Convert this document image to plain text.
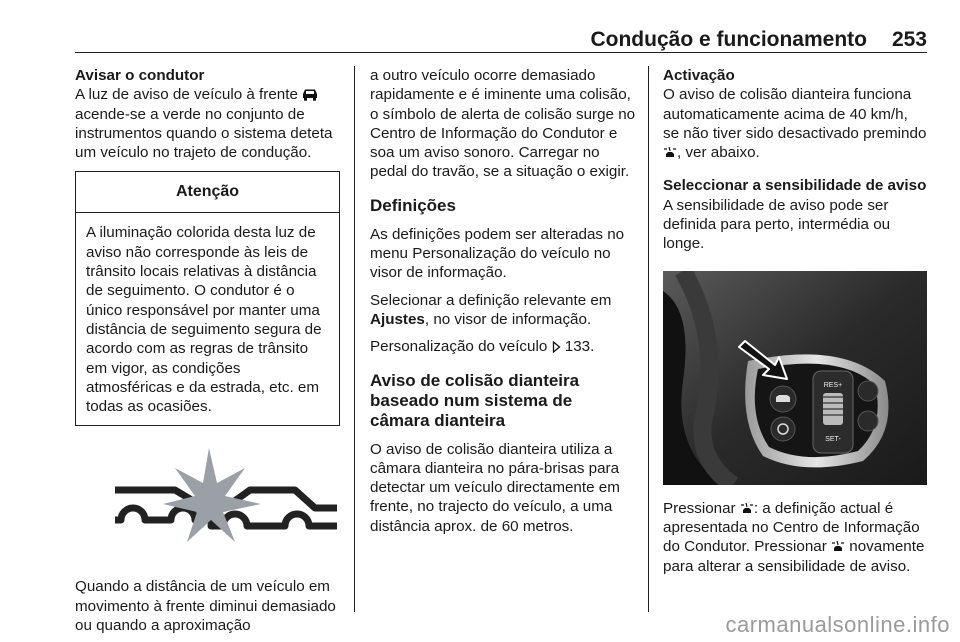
Condução e funcionamento 253

Avisar o condutor

A luz de aviso de veículo à frente  acende-se a verde no conjunto de instrumentos quando o sistema deteta um veículo no trajeto de condução.

Atenção
A iluminação colorida desta luz de aviso não corresponde às leis de trânsito locais relativas à distância de seguimento. O condutor é o único responsável por manter uma distância de seguimento segura de acordo com as regras de trânsito em vigor, as condições atmosféricas e da estrada, etc. em todas as ocasiões.

Quando a distância de um veículo em movimento à frente diminui demasiado ou quando a aproximação

a outro veículo ocorre demasiado rapidamente e é iminente uma colisão, o símbolo de alerta de colisão surge no Centro de Informação do Condutor e soa um aviso sonoro. Carregar no pedal do travão, se a situação o exigir.

Definições

As definições podem ser alteradas no menu Personalização do veículo no visor de informação.

Selecionar a definição relevante em Ajustes, no visor de informação.

Personalização do veículo 133.

Aviso de colisão dianteira baseado num sistema de câmara dianteira

O aviso de colisão dianteira utiliza a câmara dianteira no pára-brisas para detectar um veículo directamente em frente, no trajecto do veículo, a uma distância aprox. de 60 metros.

Activação

O aviso de colisão dianteira funciona automaticamente acima de 40 km/h, se não tiver sido desactivado premindo , ver abaixo.

Seleccionar a sensibilidade de aviso

A sensibilidade de aviso pode ser definida para perto, intermédia ou longe.

RES+
SET-

Pressionar : a definição actual é apresentada no Centro de Informação do Condutor. Pressionar novamente para alterar a sensibilidade de aviso.

carmanualsonline.info
